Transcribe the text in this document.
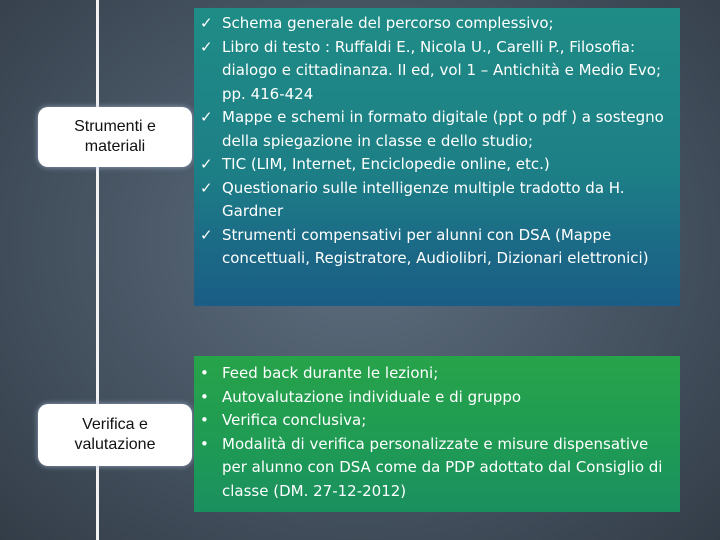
Strumenti e
materiali
Verifica e
valutazione
✓ Schema generale del percorso complessivo;
✓ Libro di testo : Ruffaldi E., Nicola U., Carelli P., Filosofia: dialogo e cittadinanza. II ed, vol 1 – Antichità e Medio Evo; pp. 416-424
✓ Mappe e schemi in formato digitale (ppt o pdf ) a sostegno della spiegazione in classe e dello studio;
✓ TIC (LIM, Internet, Enciclopedie online, etc.)
✓ Questionario sulle intelligenze multiple tradotto da H. Gardner
✓ Strumenti compensativi per alunni con DSA (Mappe concettuali, Registratore, Audiolibri, Dizionari elettronici)
• Feed back durante le lezioni;
• Autovalutazione individuale e di gruppo
• Verifica conclusiva;
• Modalità di verifica personalizzate e misure dispensative per alunno con DSA come da PDP adottato dal Consiglio di classe (DM. 27-12-2012)
